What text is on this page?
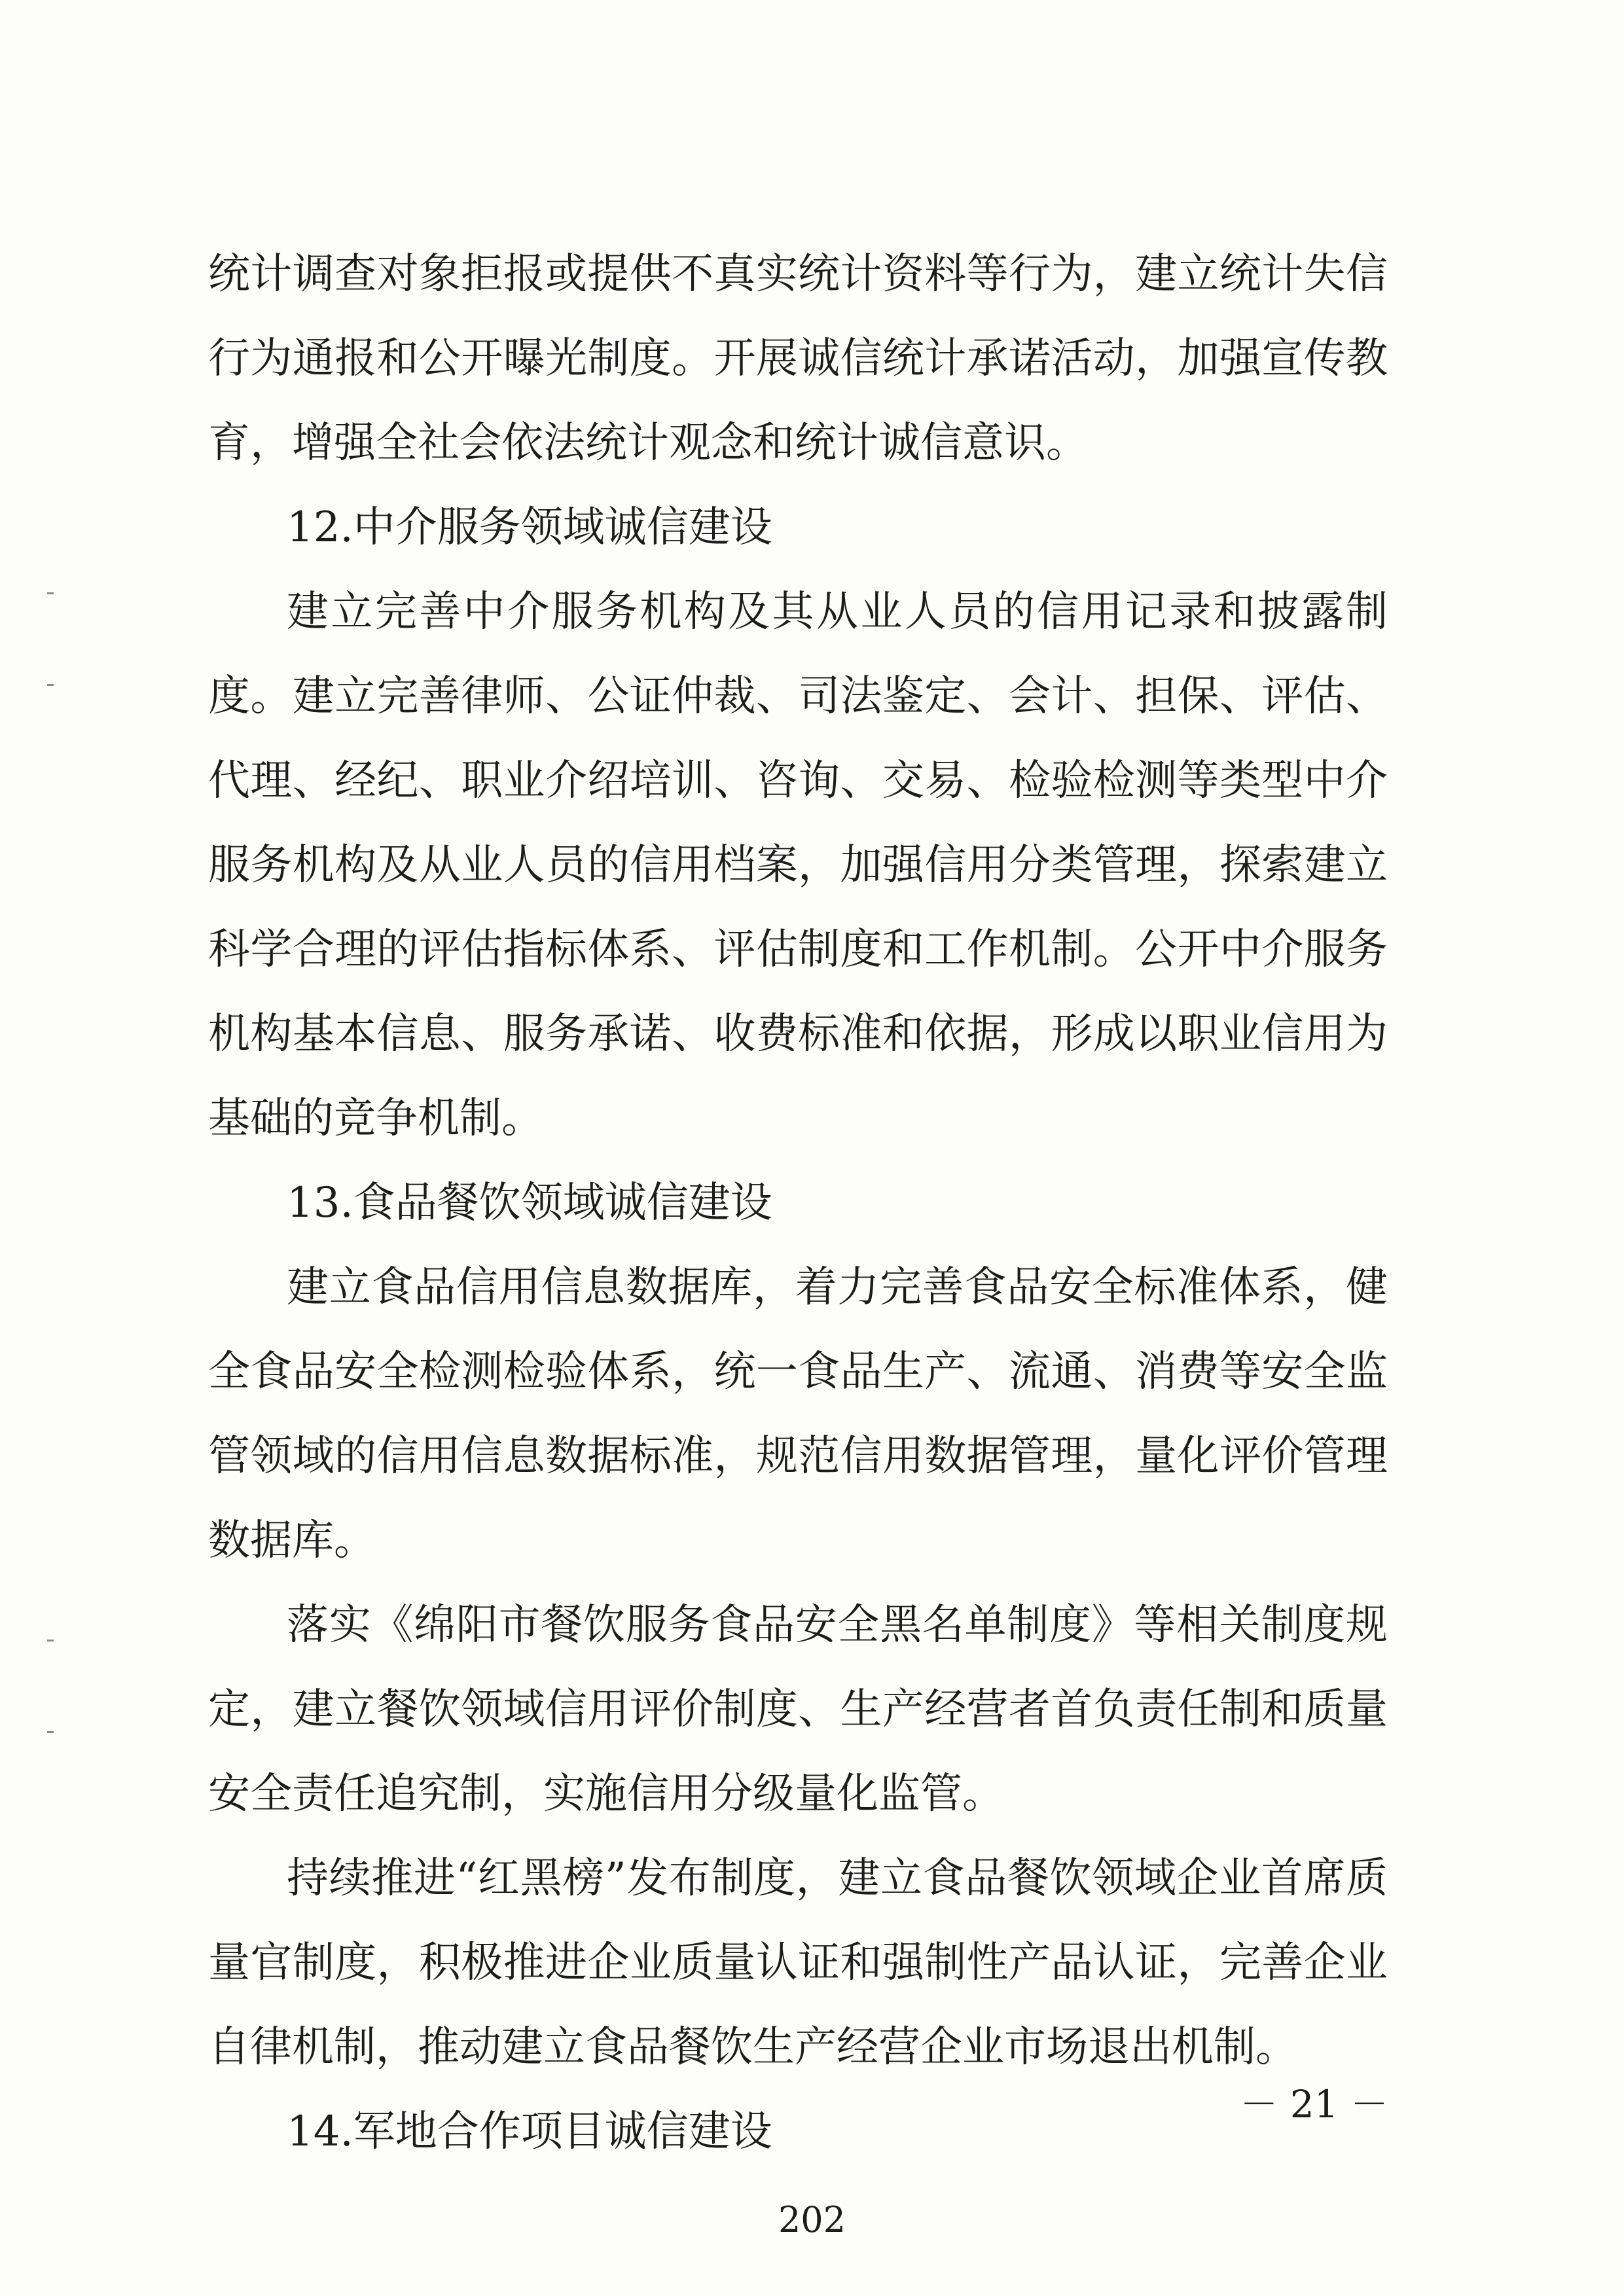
统计调查对象拒报或提供不真实统计资料等行为，建立统计失信
行为通报和公开曝光制度。开展诚信统计承诺活动，加强宣传教
育，增强全社会依法统计观念和统计诚信意识。
12.中介服务领域诚信建设
建立完善中介服务机构及其从业人员的信用记录和披露制
度。建立完善律师、公证仲裁、司法鉴定、会计、担保、评估、
代理、经纪、职业介绍培训、咨询、交易、检验检测等类型中介
服务机构及从业人员的信用档案，加强信用分类管理，探索建立
科学合理的评估指标体系、评估制度和工作机制。公开中介服务
机构基本信息、服务承诺、收费标准和依据，形成以职业信用为
基础的竞争机制。
13.食品餐饮领域诚信建设
建立食品信用信息数据库，着力完善食品安全标准体系，健
全食品安全检测检验体系，统一食品生产、流通、消费等安全监
管领域的信用信息数据标准，规范信用数据管理，量化评价管理
数据库。
落实《绵阳市餐饮服务食品安全黑名单制度》等相关制度规
定，建立餐饮领域信用评价制度、生产经营者首负责任制和质量
安全责任追究制，实施信用分级量化监管。
持续推进“红黑榜”发布制度，建立食品餐饮领域企业首席质
量官制度，积极推进企业质量认证和强制性产品认证，完善企业
自律机制，推动建立食品餐饮生产经营企业市场退出机制。
14.军地合作项目诚信建设
－ 21 －
202
